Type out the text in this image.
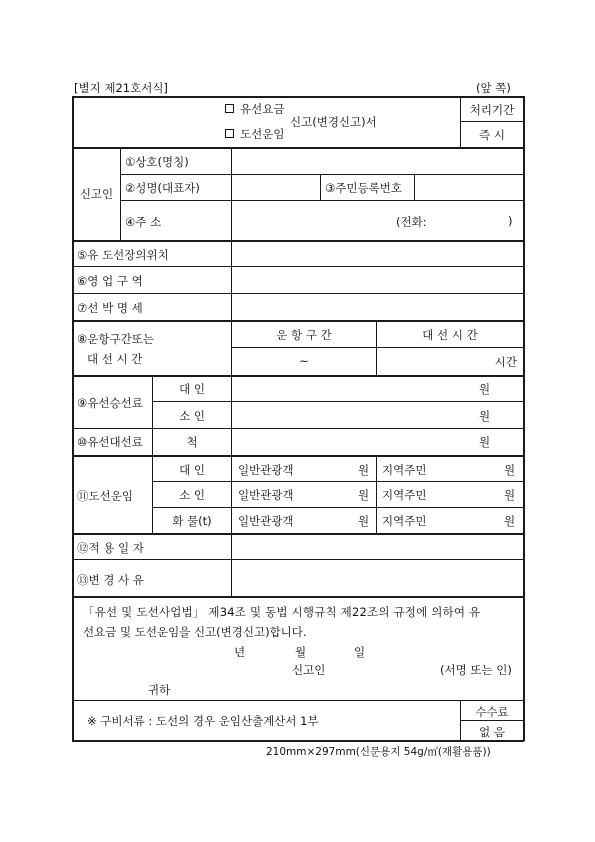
[별지 제21호서식]	(앞 쪽)
유선요금
도선운임
신고(변경신고)서
처리기간
즉 시
신고인
①상호(명칭)
②성명(대표자)	③주민등록번호
④주 소	(전화:	)
⑤유 도선장의위치
⑥영 업 구 역
⑦선 박 명 세
⑧운항구간또는
대 선 시 간
운 항 구 간	대 선 시 간
~	시간
⑨유선승선료
대 인	원
소 인	원
⑩유선대선료	척	원
⑪도선운임
대 인	일반관광객	원 지역주민	원
소 인	일반관광객	원 지역주민	원
화 물(t)	일반관광객	원 지역주민	원
⑫적 용 일 자
⑬변 경 사 유
「유선 및 도선사업법」 제34조 및 동법 시행규칙 제22조의 규정에 의하여 유
선요금 및 도선운임을 신고(변경신고)합니다.
년	월	일
신고인	(서명 또는 인)
귀하
※ 구비서류 : 도선의 경우 운임산출계산서 1부
수수료
없 음
210mm×297mm(신문용지 54g/㎡(재활용품))
